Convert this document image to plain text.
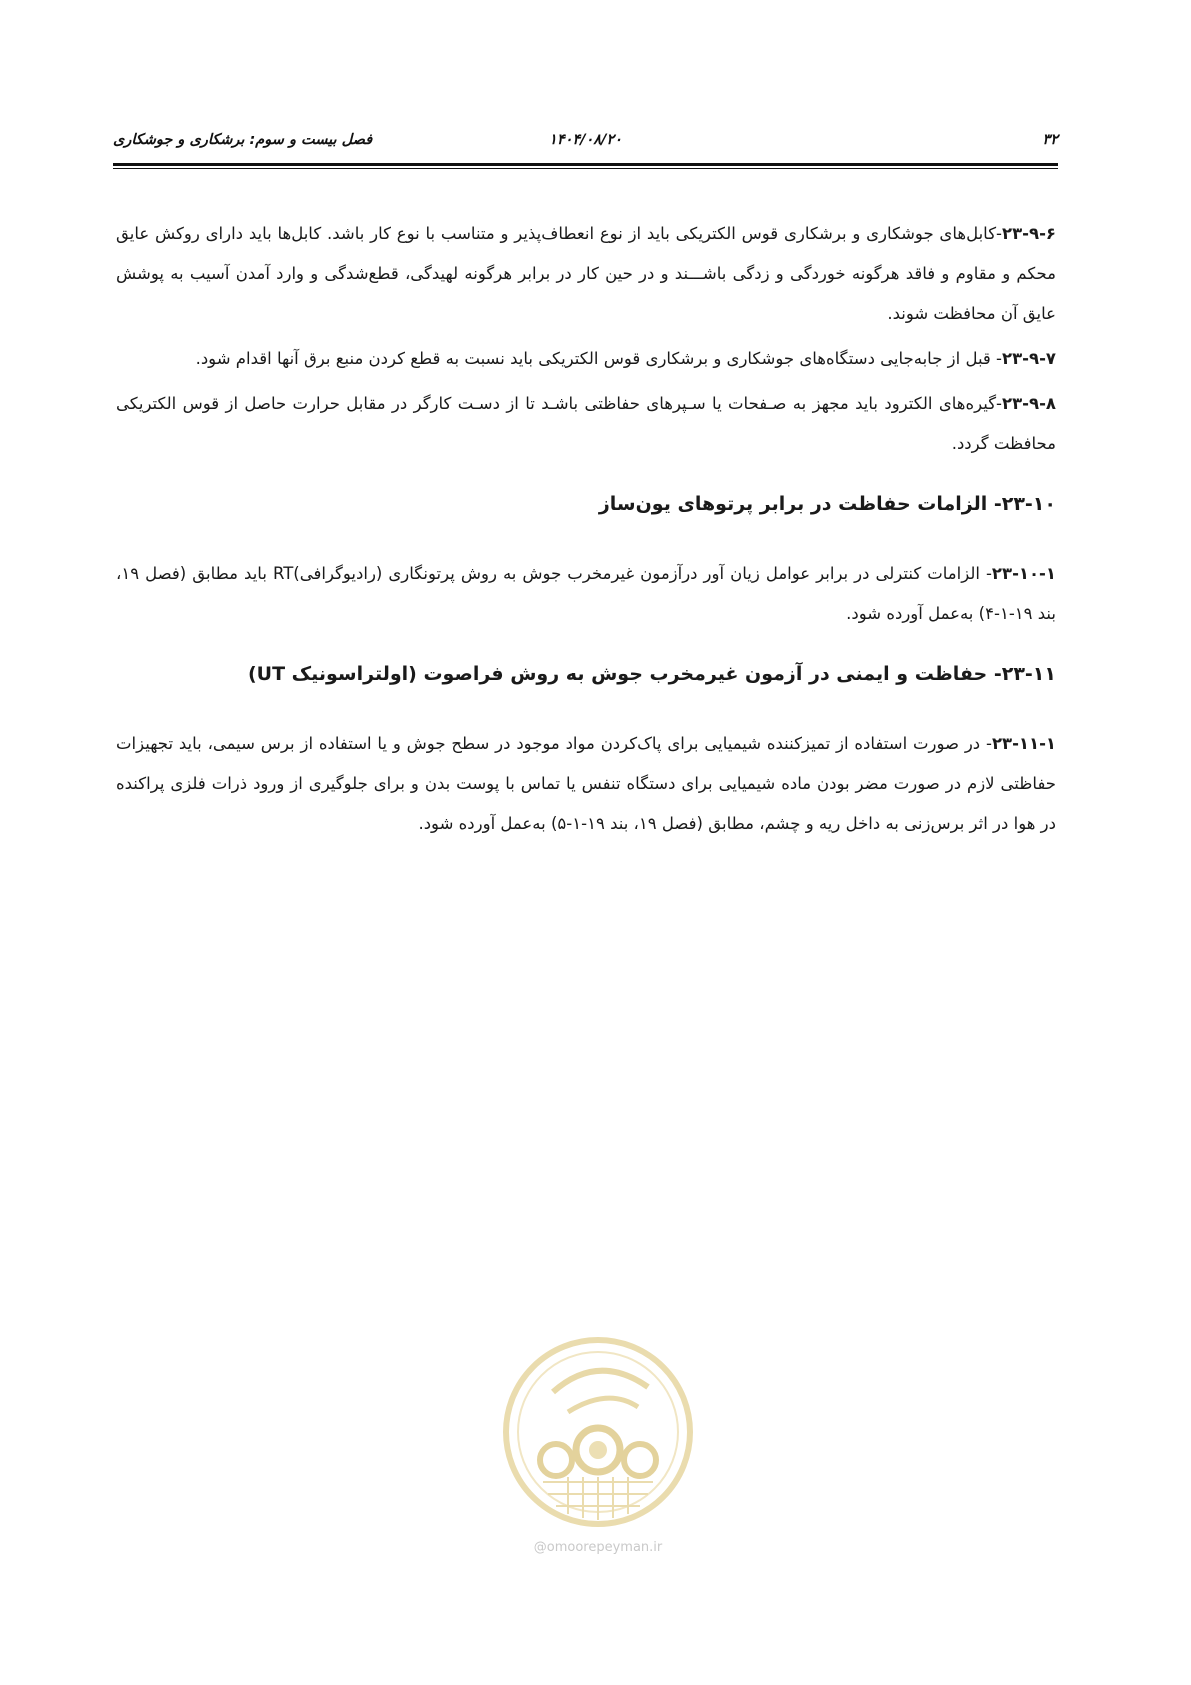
۳۲
۱۴۰۴/۰۸/۲۰
فصل بیست و سوم: برشکاری و جوشکاری

۲۳-۹-۶-کابل‌های جوشکاری و برشکاری قوس الکتریکی باید از نوع انعطاف‌پذیر و متناسب با نوع کار باشد. کابل‌ها باید دارای روکش عایق محکم و مقاوم و فاقد هرگونه خوردگی و زدگی باشـــند و در حین کار در برابر هرگونه لهیدگی، قطع‌شدگی و وارد آمدن آسیب به پوشش عایق آن محافظت شوند.

۲۳-۹-۷- قبل از جابه‌جایی دستگاه‌های جوشکاری و برشکاری قوس الکتریکی باید نسبت به قطع کردن منبع برق آنها اقدام شود.

۲۳-۹-۸-گیره‌های الکترود باید مجهز به صـفحات یا سـپرهای حفاظتی باشـد تا از دسـت کارگر در مقابل حرارت حاصل از قوس الکتریکی محافظت گردد.

۲۳-۱۰- الزامات حفاظت در برابر پرتوهای یون‌ساز

۲۳-۱۰-۱- الزامات کنترلی در برابر عوامل زیان آور درآزمون غیرمخرب جوش به روش پرتونگاری (رادیوگرافی)RT باید مطابق (فصل ۱۹، بند ۱۹-۱-۴) به‌عمل آورده شود.

۲۳-۱۱- حفاظت و ایمنی در آزمون غیرمخرب جوش به روش فراصوت (اولتراسونیک UT)

۲۳-۱۱-۱- در صورت استفاده از تمیزکننده شیمیایی برای پاک‌کردن مواد موجود در سطح جوش و یا استفاده از برس سیمی، باید تجهیزات حفاظتی لازم در صورت مضر بودن ماده شیمیایی برای دستگاه تنفس یا تماس با پوست بدن و برای جلوگیری از ورود ذرات فلزی پراکنده در هوا در اثر برس‌زنی به داخل ریه و چشم، مطابق (فصل ۱۹، بند ۱۹-۱-۵) به‌عمل آورده شود.

@omoorepeyman.ir
